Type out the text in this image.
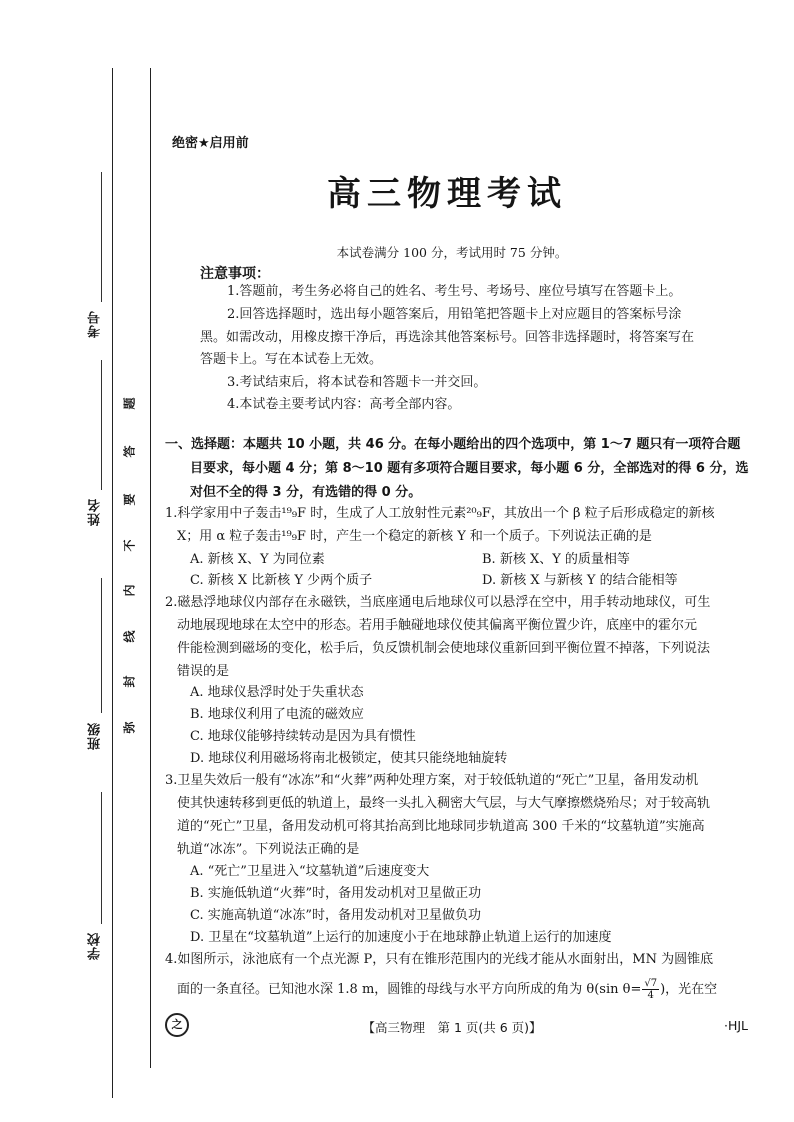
考号
姓名
班级
学校
题
答
要
不
内
线
封
弥
绝密★启用前
高三物理考试
本试卷满分 100 分，考试用时 75 分钟。
注意事项：
1.答题前，考生务必将自己的姓名、考生号、考场号、座位号填写在答题卡上。
2.回答选择题时，选出每小题答案后，用铅笔把答题卡上对应题目的答案标号涂
黑。如需改动，用橡皮擦干净后，再选涂其他答案标号。回答非选择题时，将答案写在
答题卡上。写在本试卷上无效。
3.考试结束后，将本试卷和答题卡一并交回。
4.本试卷主要考试内容：高考全部内容。
一、选择题：本题共 10 小题，共 46 分。在每小题给出的四个选项中，第 1～7 题只有一项符合题
目要求，每小题 4 分；第 8～10 题有多项符合题目要求，每小题 6 分，全部选对的得 6 分，选
对但不全的得 3 分，有选错的得 0 分。
1.科学家用中子轰击¹⁹₉F 时，生成了人工放射性元素²⁰₉F，其放出一个 β 粒子后形成稳定的新核
X；用 α 粒子轰击¹⁹₉F 时，产生一个稳定的新核 Y 和一个质子。下列说法正确的是
A. 新核 X、Y 为同位素	B. 新核 X、Y 的质量相等
C. 新核 X 比新核 Y 少两个质子	D. 新核 X 与新核 Y 的结合能相等
2.磁悬浮地球仪内部存在永磁铁，当底座通电后地球仪可以悬浮在空中，用手转动地球仪，可生
动地展现地球在太空中的形态。若用手触碰地球仪使其偏离平衡位置少许，底座中的霍尔元
件能检测到磁场的变化，松手后，负反馈机制会使地球仪重新回到平衡位置不掉落，下列说法
错误的是
A. 地球仪悬浮时处于失重状态
B. 地球仪利用了电流的磁效应
C. 地球仪能够持续转动是因为具有惯性
D. 地球仪利用磁场将南北极锁定，使其只能绕地轴旋转
3.卫星失效后一般有“冰冻”和“火葬”两种处理方案，对于较低轨道的“死亡”卫星，备用发动机
使其快速转移到更低的轨道上，最终一头扎入稠密大气层，与大气摩擦燃烧殆尽；对于较高轨
道的“死亡”卫星，备用发动机可将其抬高到比地球同步轨道高 300 千米的“坟墓轨道”实施高
轨道“冰冻”。下列说法正确的是
A. “死亡”卫星进入“坟墓轨道”后速度变大
B. 实施低轨道“火葬”时，备用发动机对卫星做正功
C. 实施高轨道“冰冻”时，备用发动机对卫星做负功
D. 卫星在“坟墓轨道”上运行的加速度小于在地球静止轨道上运行的加速度
4.如图所示，泳池底有一个点光源 P，只有在锥形范围内的光线才能从水面射出，MN 为圆锥底
面的一条直径。已知池水深 1.8 m，圆锥的母线与水平方向所成的角为 θ(sin $\theta= \frac{√7}{4}$ )，光在空
之	【高三物理　第 1 页(共 6 页)】	·HJL
